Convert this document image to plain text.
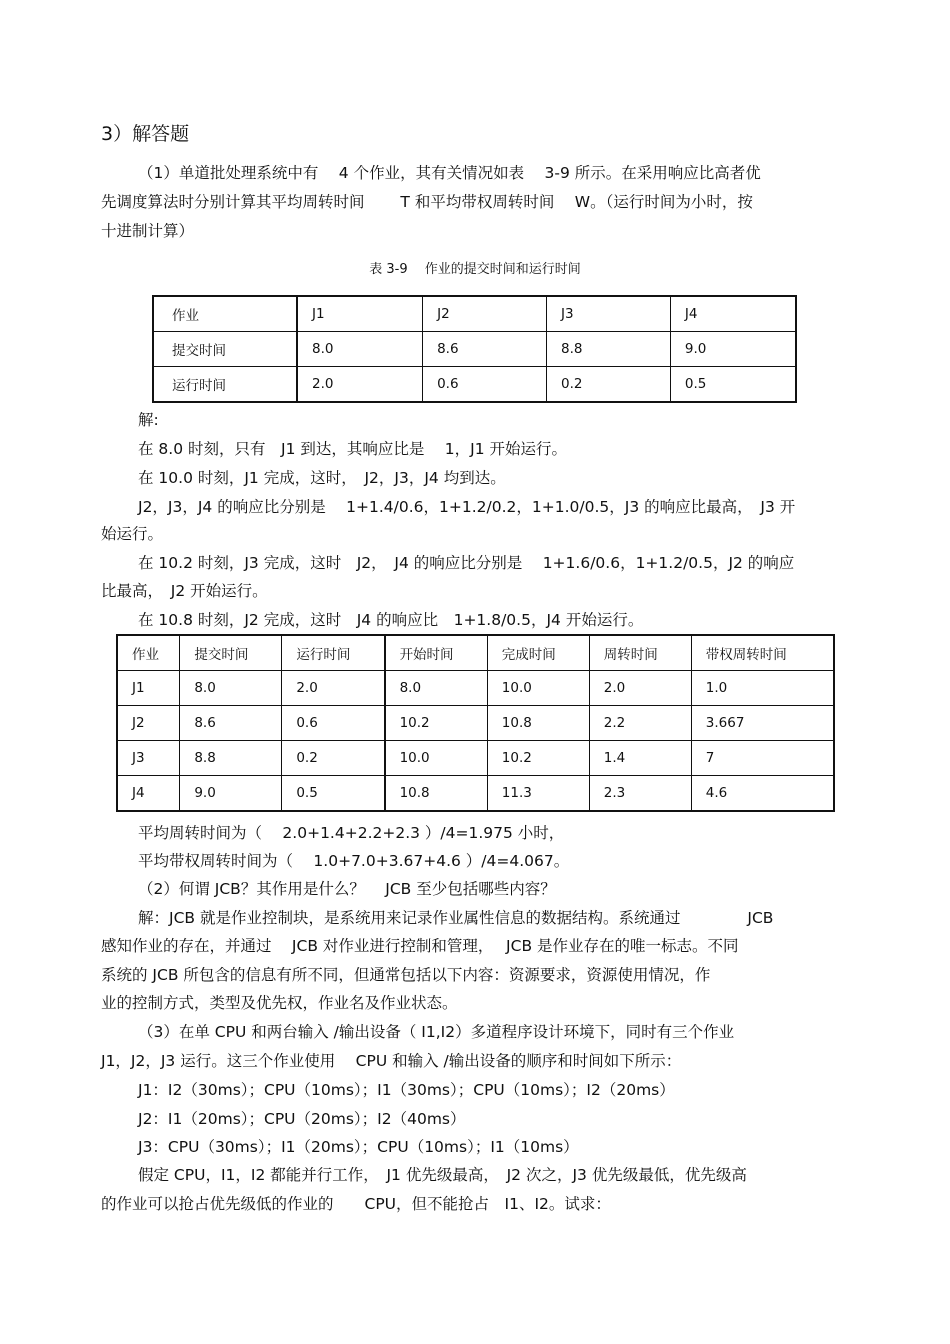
3）解答题
（1）单道批处理系统中有　 4 个作业，其有关情况如表　 3-9 所示。在采用响应比高者优
先调度算法时分别计算其平均周转时间　　 T 和平均带权周转时间　 W。（运行时间为小时，按
十进制计算）
表 3-9　 作业的提交时间和运行时间
作业	J1	J2	J3	J4
提交时间	8.0	8.6	8.8	9.0
运行时间	2.0	0.6	0.2	0.5
解:
在 8.0 时刻，只有　J1 到达，其响应比是　 1，J1 开始运行。
在 10.0 时刻，J1 完成，这时，　J2，J3，J4 均到达。
J2，J3，J4 的响应比分别是　 1+1.4/0.6，1+1.2/0.2，1+1.0/0.5，J3 的响应比最高，　J3 开
始运行。
在 10.2 时刻，J3 完成，这时　J2，　J4 的响应比分别是　 1+1.6/0.6，1+1.2/0.5，J2 的响应
比最高，　J2 开始运行。
在 10.8 时刻，J2 完成，这时　J4 的响应比　1+1.8/0.5，J4 开始运行。
作业	提交时间	运行时间	开始时间	完成时间	周转时间	带权周转时间
J1	8.0	2.0	8.0	10.0	2.0	1.0
J2	8.6	0.6	10.2	10.8	2.2	3.667
J3	8.8	0.2	10.0	10.2	1.4	7
J4	9.0	0.5	10.8	11.3	2.3	4.6
平均周转时间为（　 2.0+1.4+2.2+2.3 ）/4=1.975 小时，
平均带权周转时间为（　 1.0+7.0+3.67+4.6 ）/4=4.067。
（2）何谓 JCB？其作用是什么？　 JCB 至少包括哪些内容？
解：JCB 就是作业控制块，是系统用来记录作业属性信息的数据结构。系统通过　　　　 JCB
感知作业的存在，并通过　 JCB 对作业进行控制和管理，　 JCB 是作业存在的唯一标志。不同
系统的 JCB 所包含的信息有所不同，但通常包括以下内容：资源要求，资源使用情况，作
业的控制方式，类型及优先权，作业名及作业状态。
（3）在单 CPU 和两台输入 /输出设备（ I1,I2）多道程序设计环境下，同时有三个作业
J1，J2，J3 运行。这三个作业使用　 CPU 和输入 /输出设备的顺序和时间如下所示：
J1：I2（30ms）；CPU（10ms）；I1（30ms）；CPU（10ms）；I2（20ms）
J2：I1（20ms）；CPU（20ms）；I2（40ms）
J3：CPU（30ms）；I1（20ms）；CPU（10ms）；I1（10ms）
假定 CPU，I1，I2 都能并行工作，　J1 优先级最高，　J2 次之，J3 优先级最低，优先级高
的作业可以抢占优先级低的作业的　　CPU，但不能抢占　I1、I2。试求：
